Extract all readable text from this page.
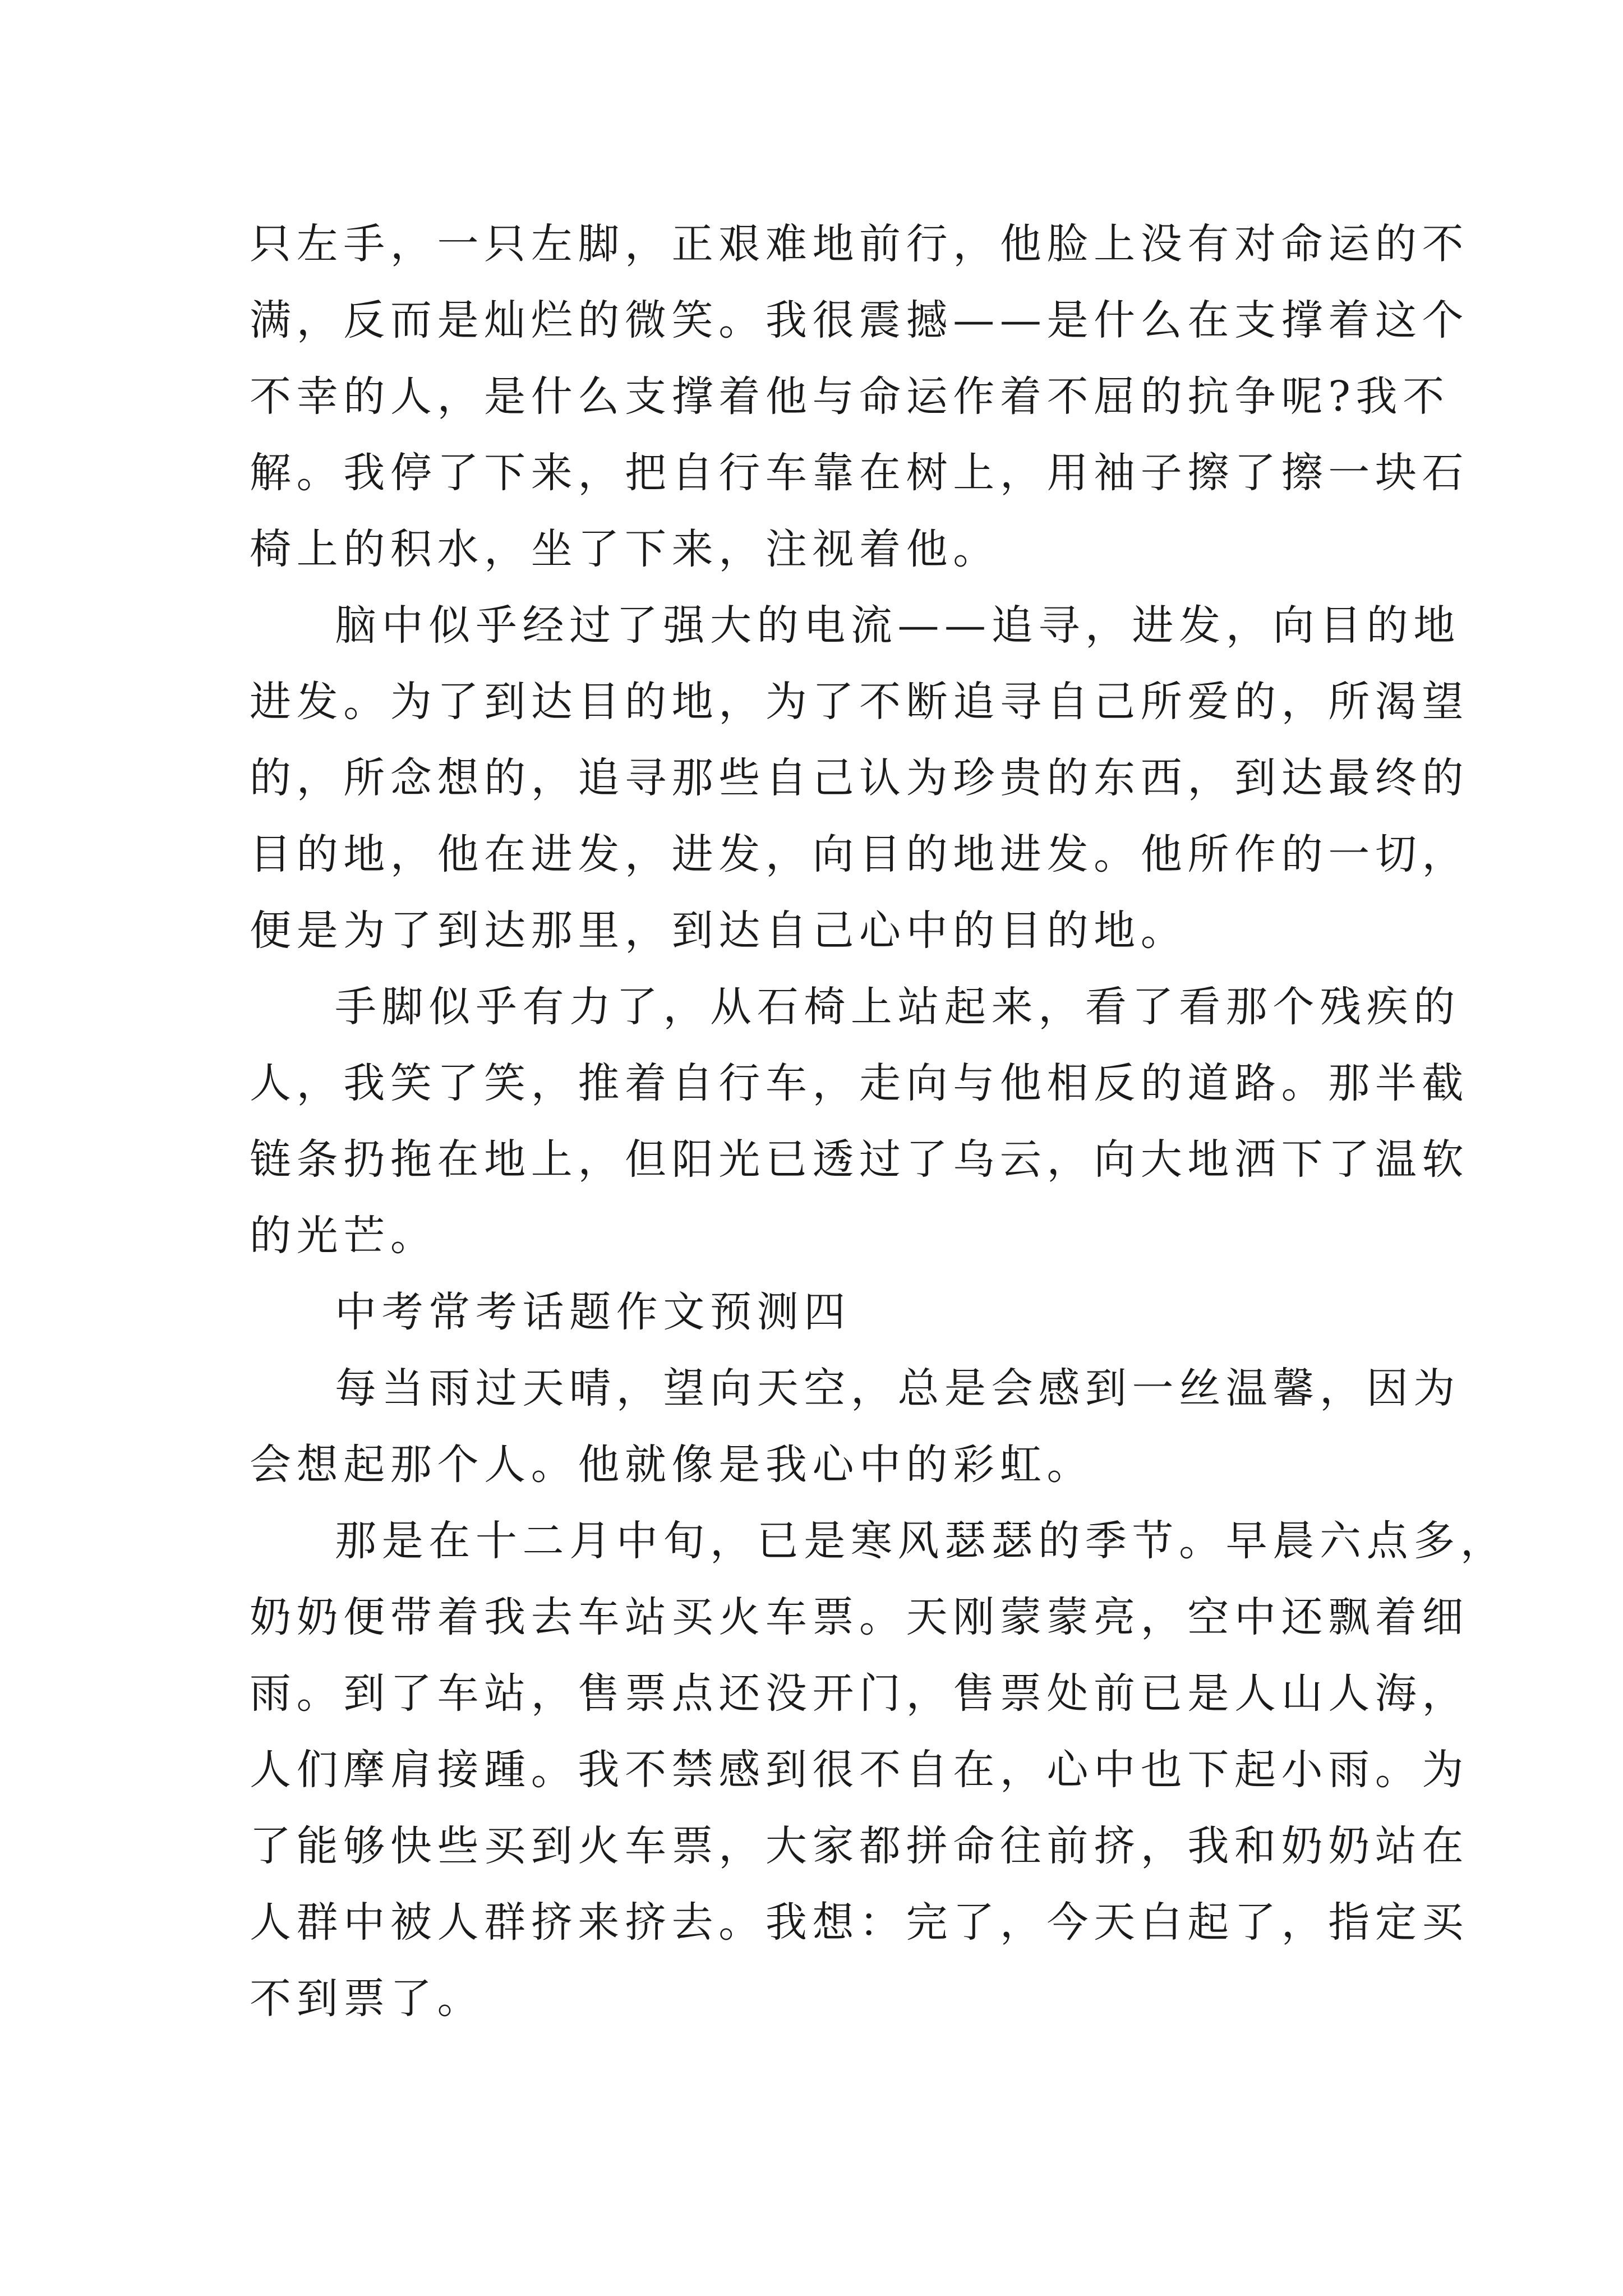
只左手，一只左脚，正艰难地前行，他脸上没有对命运的不
满，反而是灿烂的微笑。我很震撼——是什么在支撑着这个
不幸的人，是什么支撑着他与命运作着不屈的抗争呢?我不
解。我停了下来，把自行车靠在树上，用袖子擦了擦一块石
椅上的积水，坐了下来，注视着他。
脑中似乎经过了强大的电流——追寻，进发，向目的地
进发。为了到达目的地，为了不断追寻自己所爱的，所渴望
的，所念想的，追寻那些自己认为珍贵的东西，到达最终的
目的地，他在进发，进发，向目的地进发。他所作的一切，
便是为了到达那里，到达自己心中的目的地。
手脚似乎有力了，从石椅上站起来，看了看那个残疾的
人，我笑了笑，推着自行车，走向与他相反的道路。那半截
链条扔拖在地上，但阳光已透过了乌云，向大地洒下了温软
的光芒。
中考常考话题作文预测四
每当雨过天晴，望向天空，总是会感到一丝温馨，因为
会想起那个人。他就像是我心中的彩虹。
那是在十二月中旬，已是寒风瑟瑟的季节。早晨六点多，
奶奶便带着我去车站买火车票。天刚蒙蒙亮，空中还飘着细
雨。到了车站，售票点还没开门，售票处前已是人山人海，
人们摩肩接踵。我不禁感到很不自在，心中也下起小雨。为
了能够快些买到火车票，大家都拼命往前挤，我和奶奶站在
人群中被人群挤来挤去。我想：完了，今天白起了，指定买
不到票了。
